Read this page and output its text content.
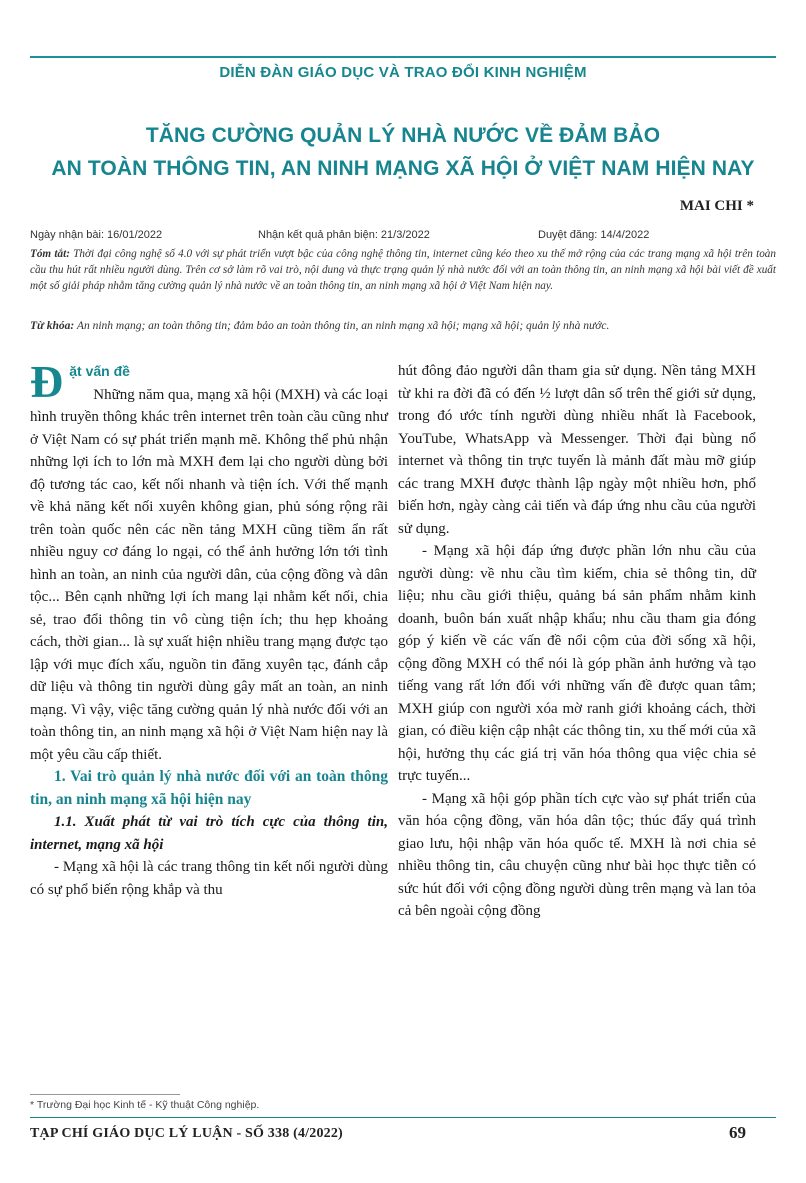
DIỄN ĐÀN GIÁO DỤC VÀ TRAO ĐỔI KINH NGHIỆM
TĂNG CƯỜNG QUẢN LÝ NHÀ NƯỚC VỀ ĐẢM BẢO
AN TOÀN THÔNG TIN, AN NINH MẠNG XÃ HỘI Ở VIỆT NAM HIỆN NAY
MAI CHI *
Ngày nhận bài: 16/01/2022	Nhận kết quả phản biện: 21/3/2022	Duyệt đăng: 14/4/2022
Tóm tắt: Thời đại công nghệ số 4.0 với sự phát triển vượt bậc của công nghệ thông tin, internet cũng kéo theo xu thế mở rộng của các trang mạng xã hội trên toàn cầu thu hút rất nhiều người dùng. Trên cơ sở làm rõ vai trò, nội dung và thực trạng quản lý nhà nước đối với an toàn thông tin, an ninh mạng xã hội bài viết đề xuất một số giải pháp nhằm tăng cường quản lý nhà nước về an toàn thông tin, an ninh mạng xã hội ở Việt Nam hiện nay.
Từ khóa: An ninh mạng; an toàn thông tin; đảm bảo an toàn thông tin, an ninh mạng xã hội; mạng xã hội; quản lý nhà nước.

Đặt vấn đề

Những năm qua, mạng xã hội (MXH) và các loại hình truyền thông khác trên internet trên toàn cầu cũng như ở Việt Nam có sự phát triển mạnh mẽ. Không thể phủ nhận những lợi ích to lớn mà MXH đem lại cho người dùng bởi độ tương tác cao, kết nối nhanh và tiện ích. Với thế mạnh về khả năng kết nối xuyên không gian, phủ sóng rộng rãi trên toàn quốc nên các nền tảng MXH cũng tiềm ẩn rất nhiều nguy cơ đáng lo ngại, có thể ảnh hưởng lớn tới tình hình an toàn, an ninh của người dân, của cộng đồng và dân tộc... Bên cạnh những lợi ích mang lại nhằm kết nối, chia sẻ, trao đổi thông tin vô cùng tiện ích; thu hẹp khoảng cách, thời gian... là sự xuất hiện nhiều trang mạng được tạo lập với mục đích xấu, nguồn tin đăng xuyên tạc, đánh cắp dữ liệu và thông tin người dùng gây mất an toàn, an ninh mạng. Vì vậy, việc tăng cường quản lý nhà nước đối với an toàn thông tin, an ninh mạng xã hội ở Việt Nam hiện nay là một yêu cầu cấp thiết.

1. Vai trò quản lý nhà nước đối với an toàn thông tin, an ninh mạng xã hội hiện nay

1.1. Xuất phát từ vai trò tích cực của thông tin, internet, mạng xã hội

- Mạng xã hội là các trang thông tin kết nối người dùng có sự phổ biến rộng khắp và thu

hút đông đảo người dân tham gia sử dụng. Nền tảng MXH từ khi ra đời đã có đến ½ lượt dân số trên thế giới sử dụng, trong đó ước tính người dùng nhiều nhất là Facebook, YouTube, WhatsApp và Messenger. Thời đại bùng nổ internet và thông tin trực tuyến là mảnh đất màu mỡ giúp các trang MXH được thành lập ngày một nhiều hơn, phổ biến hơn, ngày càng cải tiến và đáp ứng nhu cầu của người sử dụng.

- Mạng xã hội đáp ứng được phần lớn nhu cầu của người dùng: về nhu cầu tìm kiếm, chia sẻ thông tin, dữ liệu; nhu cầu giới thiệu, quảng bá sản phẩm nhằm kinh doanh, buôn bán xuất nhập khẩu; nhu cầu tham gia đóng góp ý kiến về các vấn đề nổi cộm của đời sống xã hội, cộng đồng MXH có thể nói là góp phần ảnh hưởng và tạo tiếng vang rất lớn đối với những vấn đề được quan tâm; MXH giúp con người xóa mờ ranh giới khoảng cách, thời gian, có điều kiện cập nhật các thông tin, xu thế mới của xã hội, hưởng thụ các giá trị văn hóa thông qua việc chia sẻ trực tuyến...

- Mạng xã hội góp phần tích cực vào sự phát triển của văn hóa cộng đồng, văn hóa dân tộc; thúc đẩy quá trình giao lưu, hội nhập văn hóa quốc tế. MXH là nơi chia sẻ nhiều thông tin, câu chuyện cũng như bài học thực tiễn có sức hút đối với cộng đồng người dùng trên mạng và lan tỏa cả bên ngoài cộng đồng

* Trường Đại học Kinh tế - Kỹ thuật Công nghiệp.
TẠP CHÍ GIÁO DỤC LÝ LUẬN - SỐ 338 (4/2022)	69
